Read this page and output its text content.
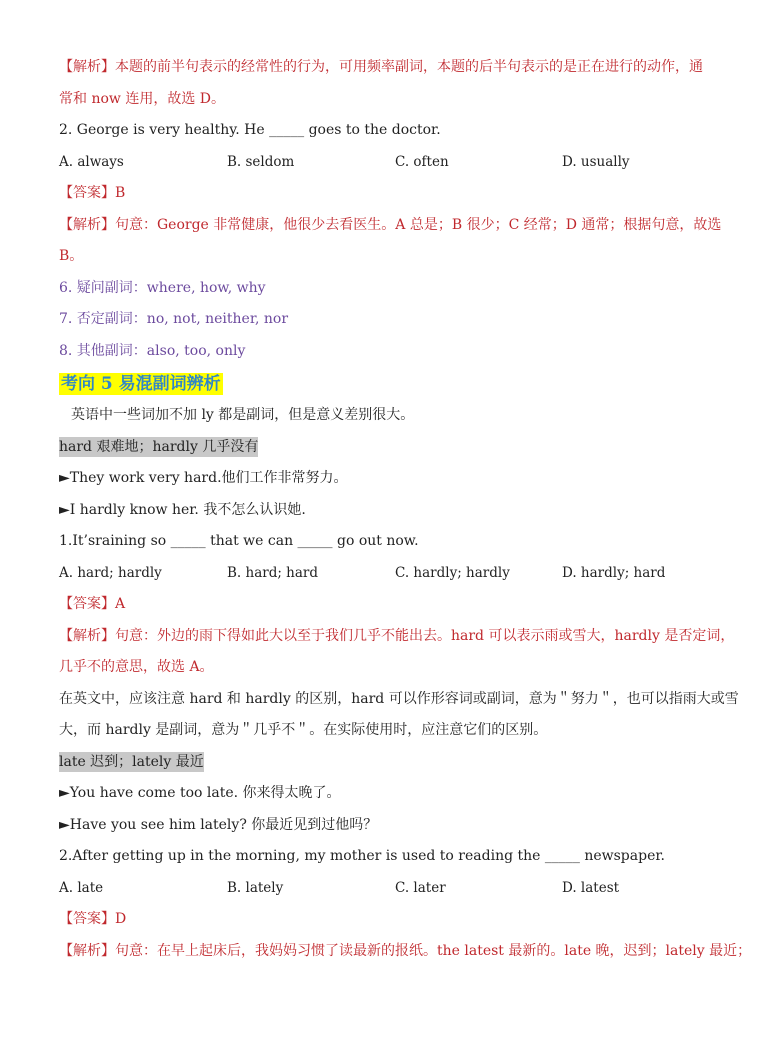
【解析】本题的前半句表示的经常性的行为，可用频率副词，本题的后半句表示的是正在进行的动作，通
常和 now 连用，故选 D。
2. George is very healthy. He _____ goes to the doctor.
A. always	B. seldom	C. often	D. usually
【答案】B
【解析】句意：George 非常健康，他很少去看医生。A 总是；B 很少；C 经常；D 通常；根据句意，故选
B。
6. 疑问副词：where, how, why
7. 否定副词：no, not, neither, nor
8. 其他副词：also, too, only
考向 5 易混副词辨析
英语中一些词加不加 ly 都是副词，但是意义差别很大。
hard 艰难地；hardly 几乎没有
►They work very hard.他们工作非常努力。
►I hardly know her. 我不怎么认识她.
1.It’sraining so _____ that we can _____ go out now.
A. hard; hardly	B. hard; hard	C. hardly; hardly	D. hardly; hard
【答案】A
【解析】句意：外边的雨下得如此大以至于我们几乎不能出去。hard 可以表示雨或雪大，hardly 是否定词，
几乎不的意思，故选 A。
在英文中，应该注意 hard 和 hardly 的区别，hard 可以作形容词或副词，意为＂努力＂，也可以指雨大或雪
大，而 hardly 是副词，意为＂几乎不＂。在实际使用时，应注意它们的区别。
late 迟到；lately 最近
►You have come too late. 你来得太晚了。
►Have you see him lately? 你最近见到过他吗？
2.After getting up in the morning, my mother is used to reading the _____ newspaper.
A. late	B. lately	C. later	D. latest
【答案】D
【解析】句意：在早上起床后，我妈妈习惯了读最新的报纸。the latest 最新的。late 晚，迟到；lately 最近；
